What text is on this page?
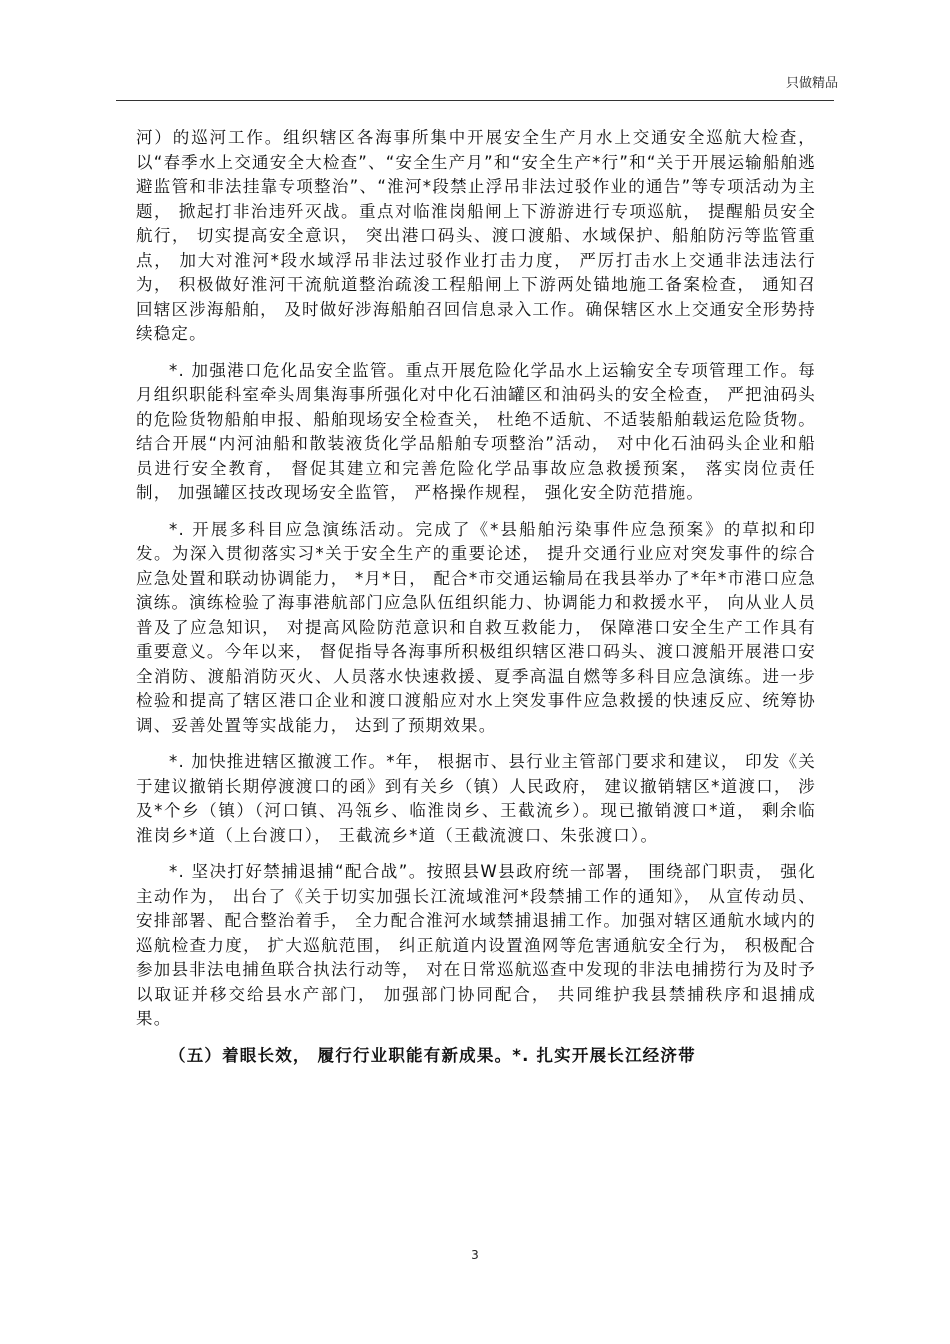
只做精品

河）的巡河工作。组织辖区各海事所集中开展安全生产月水上交通安全巡航大检查， 以“春季水上交通安全大检查”、“安全生产月”和“安全生产*行”和“关于开展运输船舶逃避监管和非法挂靠专项整治”、“淮河*段禁止浮吊非法过驳作业的通告”等专项活动为主题， 掀起打非治违歼灭战。重点对临淮岗船闸上下游游进行专项巡航， 提醒船员安全航行， 切实提高安全意识， 突出港口码头、渡口渡船、水域保护、船舶防污等监管重点， 加大对淮河*段水域浮吊非法过驳作业打击力度， 严厉打击水上交通非法违法行为， 积极做好淮河干流航道整治疏浚工程船闸上下游两处锚地施工备案检查， 通知召回辖区涉海船舶， 及时做好涉海船舶召回信息录入工作。确保辖区水上交通安全形势持续稳定。

*. 加强港口危化品安全监管。重点开展危险化学品水上运输安全专项管理工作。每月组织职能科室牵头周集海事所强化对中化石油罐区和油码头的安全检查， 严把油码头的危险货物船舶申报、船舶现场安全检查关， 杜绝不适航、不适装船舶载运危险货物。结合开展“内河油船和散装液货化学品船舶专项整治”活动， 对中化石油码头企业和船员进行安全教育， 督促其建立和完善危险化学品事故应急救援预案， 落实岗位责任制， 加强罐区技改现场安全监管， 严格操作规程， 强化安全防范措施。

*. 开展多科目应急演练活动。完成了《*县船舶污染事件应急预案》的草拟和印发。为深入贯彻落实习*关于安全生产的重要论述， 提升交通行业应对突发事件的综合应急处置和联动协调能力， *月*日， 配合*市交通运输局在我县举办了*年*市港口应急演练。演练检验了海事港航部门应急队伍组织能力、协调能力和救援水平， 向从业人员普及了应急知识， 对提高风险防范意识和自救互救能力， 保障港口安全生产工作具有重要意义。今年以来， 督促指导各海事所积极组织辖区港口码头、渡口渡船开展港口安全消防、渡船消防灭火、人员落水快速救援、夏季高温自燃等多科目应急演练。进一步检验和提高了辖区港口企业和渡口渡船应对水上突发事件应急救援的快速反应、统筹协调、妥善处置等实战能力， 达到了预期效果。

*. 加快推进辖区撤渡工作。*年， 根据市、县行业主管部门要求和建议， 印发《关于建议撤销长期停渡渡口的函》到有关乡（镇）人民政府， 建议撤销辖区*道渡口， 涉及*个乡（镇）（河口镇、冯瓴乡、临淮岗乡、王截流乡）。现已撤销渡口*道， 剩余临淮岗乡*道（上台渡口）， 王截流乡*道（王截流渡口、朱张渡口）。

*. 坚决打好禁捕退捕“配合战”。按照县W县政府统一部署， 围绕部门职责， 强化主动作为， 出台了《关于切实加强长江流域淮河*段禁捕工作的通知》， 从宣传动员、安排部署、配合整治着手， 全力配合淮河水域禁捕退捕工作。加强对辖区通航水域内的巡航检查力度， 扩大巡航范围， 纠正航道内设置渔网等危害通航安全行为， 积极配合参加县非法电捕鱼联合执法行动等， 对在日常巡航巡查中发现的非法电捕捞行为及时予以取证并移交给县水产部门， 加强部门协同配合， 共同维护我县禁捕秩序和退捕成果。

（五）着眼长效， 履行行业职能有新成果。*. 扎实开展长江经济带

3
